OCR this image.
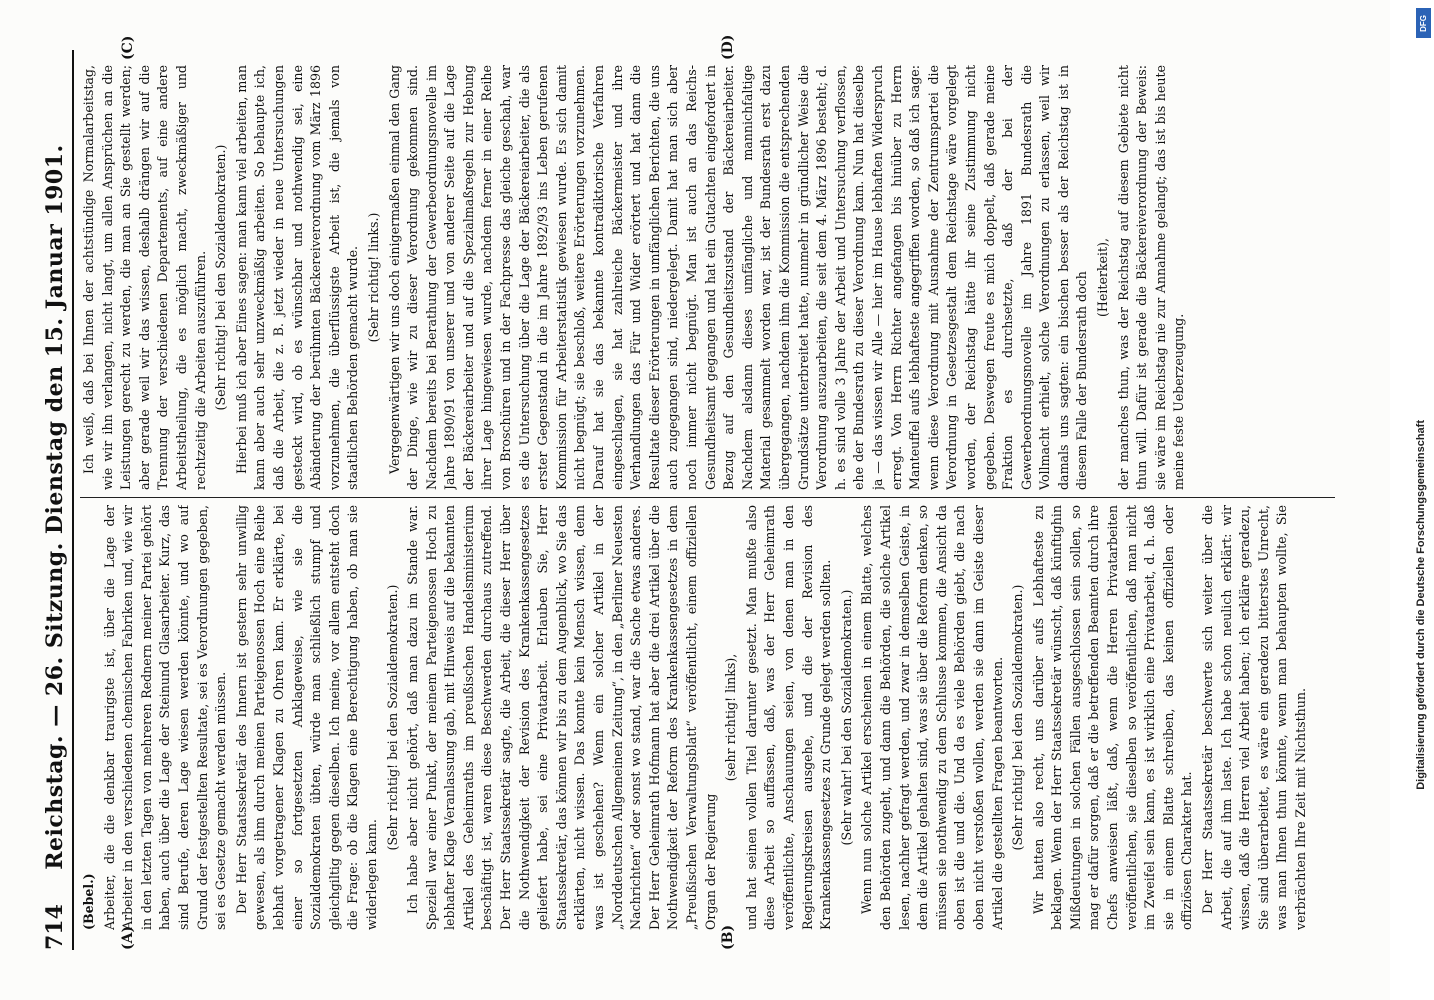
714
Reichstag. — 26. Sitzung. Dienstag den 15. Januar 1901.
(A)	(B)
(C)	(D)

(Bebel.) Arbeiter, die die denkbar traurigste ist, über die Lage der Arbeiter in den verschiedenen chemischen Fabriken und, wie wir in den letzten Tagen von mehreren Rednern meiner Partei gehört haben, auch über die Lage der Steinund Glasarbeiter. Kurz, das sind Berufe, deren Lage wiesen werden könnte, und wo auf Grund der festgestellten Resultate, sei es Verordnungen gegeben, sei es Gesetze gemacht werden müssen. Der Herr Staatssekretär des Innern ist gestern sehr unwillig gewesen, als ihm durch meinen Parteigenossen Hoch eine Reihe lebhaft vorgetragener Klagen zu Ohren kam. Er erklärte, bei einer so fortgesetzten Anklageweise, wie sie die Sozialdemokraten übten, würde man schließlich stumpf und gleichgiltig gegen dieselben. Ich meine, vor allem entsteht doch die Frage: ob die Klagen eine Berechtigung haben, ob man sie widerlegen kann.

(Sehr richtig! bei den Sozialdemokraten.) Ich habe aber nicht gehört, daß man dazu im Stande war. Speziell war einer Punkt, der meinem Parteigenossen Hoch zu lebhafter Klage Veranlassung gab, mit Hinweis auf die bekannten Artikel des Geheimraths im preußischen Handelsministerium beschäftigt ist, waren diese Beschwerden durchaus zutreffend. Der Herr Staatssekretär sagte, die Arbeit, die dieser Herr über die Nothwendigkeit der Revision des Krankenkassengesetzes geliefert habe, sei eine Privatarbeit. Erlauben Sie, Herr Staatssekretär, das können wir bis zu dem Augenblick, wo Sie das erklärten, nicht wissen. Das konnte kein Mensch wissen, denn was ist geschehen? Wenn ein solcher Artikel in der „Norddeutschen Allgemeinen Zeitung“, in den „Berliner Neuesten Nachrichten“ oder sonst wo stand, war die Sache etwas anderes. Der Herr Geheimrath Hofmann hat aber die drei Artikel über die Nothwendigkeit der Reform des Krankenkassengesetzes in dem „Preußischen Verwaltungsblatt“ veröffentlicht, einem offiziellen Organ der Regierung

(sehr richtig! links), und hat seinen vollen Titel darunter gesetzt. Man mußte also diese Arbeit so auffassen, daß, was der Herr Geheimrath veröffentlichte, Anschauungen seien, von denen man in den Regierungskreisen ausgehe, und die der Revision des Krankenkassengesetzes zu Grunde gelegt werden sollten. (Sehr wahr! bei den Sozialdemokraten.) Wenn nun solche Artikel erscheinen in einem Blatte, welches den Behörden zugeht, und dann die Behörden, die solche Artikel lesen, nachher gefragt werden, und zwar in demselben Geiste, in dem die Artikel gehalten sind, was sie über die Reform denken, so müssen sie nothwendig zu dem Schlusse kommen, die Ansicht da oben ist die und die. Und da es viele Behörden giebt, die nach oben nicht verstoßen wollen, werden sie dann im Geiste dieser Artikel die gestellten Fragen beantworten. (Sehr richtig! bei den Sozialdemokraten.) Wir hatten also recht, uns darüber aufs Lebhafteste zu beklagen. Wenn der Herr Staatssekretär wünscht, daß künftighin Mißdeutungen in solchen Fällen ausgeschlossen sein sollen, so mag er dafür sorgen, daß er die betreffenden Beamten durch ihre Chefs anweisen läßt, daß, wenn die Herren Privatarbeiten veröffentlichen, sie dieselben so veröffentlichen, daß man nicht im Zweifel sein kann, es ist wirklich eine Privatarbeit, d. h. daß sie in einem Blatte schreiben, das keinen offiziellen oder offiziösen Charakter hat. Der Herr Staatssekretär beschwerte sich weiter über die Arbeit, die auf ihm laste. Ich habe schon neulich erklärt: wir wissen, daß die Herren viel Arbeit haben; ich erkläre geradezu, Sie sind überarbeitet, es wäre ein geradezu bitterstes Unrecht, was man Ihnen thun könnte, wenn man behaupten wollte, Sie verbrächten Ihre Zeit mit Nichtsthun.

Ich weiß, daß bei Ihnen der achtstündige Normalarbeitstag, wie wir ihn verlangen, nicht langt, um allen Ansprüchen an die Leistungen gerecht zu werden, die man an Sie gestellt werden; aber gerade weil wir das wissen, deshalb drängen wir auf die Trennung der verschiedenen Departements, auf eine andere Arbeitstheilung, die es möglich macht, zweckmäßiger und rechtzeitig die Arbeiten auszuführen. (Sehr richtig! bei den Sozialdemokraten.) Hierbei muß ich aber Eines sagen: man kann viel arbeiten, man kann aber auch sehr unzweckmäßig arbeiten. So behaupte ich, daß die Arbeit, die z. B. jetzt wieder in neue Untersuchungen gesteckt wird, ob es wünschbar und nothwendig sei, eine Abänderung der berühmten Bäckereiverordnung vom März 1896 vorzunehmen, die überflüssigste Arbeit ist, die jemals von staatlichen Behörden gemacht wurde. (Sehr richtig! links.) Vergegenwärtigen wir uns doch einigermaßen einmal den Gang der Dinge, wie wir zu dieser Verordnung gekommen sind. Nachdem bereits bei Berathung der Gewerbeordnungsnovelle im Jahre 1890/91 von unserer und von anderer Seite auf die Lage der Bäckereiarbeiter und auf die Spezialmaßregeln zur Hebung ihrer Lage hingewiesen wurde, nachdem ferner in einer Reihe von Broschüren und in der Fachpresse das gleiche geschah, war es die Untersuchung über die Lage der Bäckereiarbeiter, die als erster Gegenstand in die im Jahre 1892/93 ins Leben gerufenen Kommission für Arbeiterstatistik gewiesen wurde. Es sich damit nicht begnügt; sie beschloß, weitere Erörterungen vorzunehmen. Darauf hat sie das bekannte kontradiktorische Verfahren eingeschlagen, sie hat zahlreiche Bäckermeister und ihre Verhandlungen das Für und Wider erörtert und hat dann die Resultate dieser Erörterungen in umfänglichen Berichten, die uns auch zugegangen sind, niedergelegt. Damit hat man sich aber noch immer nicht begnügt. Man ist auch an das Reichs-Gesundheitsamt gegangen und hat ein Gutachten eingefordert in Bezug auf den Gesundheitszustand der Bäckereiarbeiter. Nachdem alsdann dieses umfängliche und mannichfaltige Material gesammelt worden war, ist der Bundesrath erst dazu übergegangen, nachdem ihm die Kommission die entsprechenden Grundsätze unterbreitet hatte, nunmehr in gründlicher Weise die Verordnung auszuarbeiten, die seit dem 4. März 1896 besteht; d. h. es sind volle 3 Jahre der Arbeit und Untersuchung verflossen, ehe der Bundesrath zu dieser Verordnung kam. Nun hat dieselbe ja — das wissen wir Alle — hier im Hause lebhaften Widerspruch erregt. Von Herrn Richter angefangen bis hinüber zu Herrn Manteuffel aufs lebhafteste angegriffen worden, so daß ich sage: wenn diese Verordnung mit Ausnahme der Zentrumspartei die Verordnung in Gesetzesgestalt dem Reichstage wäre vorgelegt worden, der Reichstag hätte ihr seine Zustimmung nicht gegeben. Deswegen freute es mich doppelt, daß gerade meine Fraktion es durchsetzte, daß der bei der Gewerbeordnungsnovelle im Jahre 1891 Bundesrath die Vollmacht erhielt, solche Verordnungen zu erlassen, weil wir damals uns sagten: ein bischen besser als der Reichstag ist in diesem Falle der Bundesrath doch (Heiterkeit), der manches thun, was der Reichstag auf diesem Gebiete nicht thun will. Dafür ist gerade die Bäckereiverordnung der Beweis: sie wäre im Reichstag nie zur Annahme gelangt; das ist bis heute meine feste Ueberzeugung.

DFG
Digitalisierung gefördert durch die Deutsche Forschungsgemeinschaft
